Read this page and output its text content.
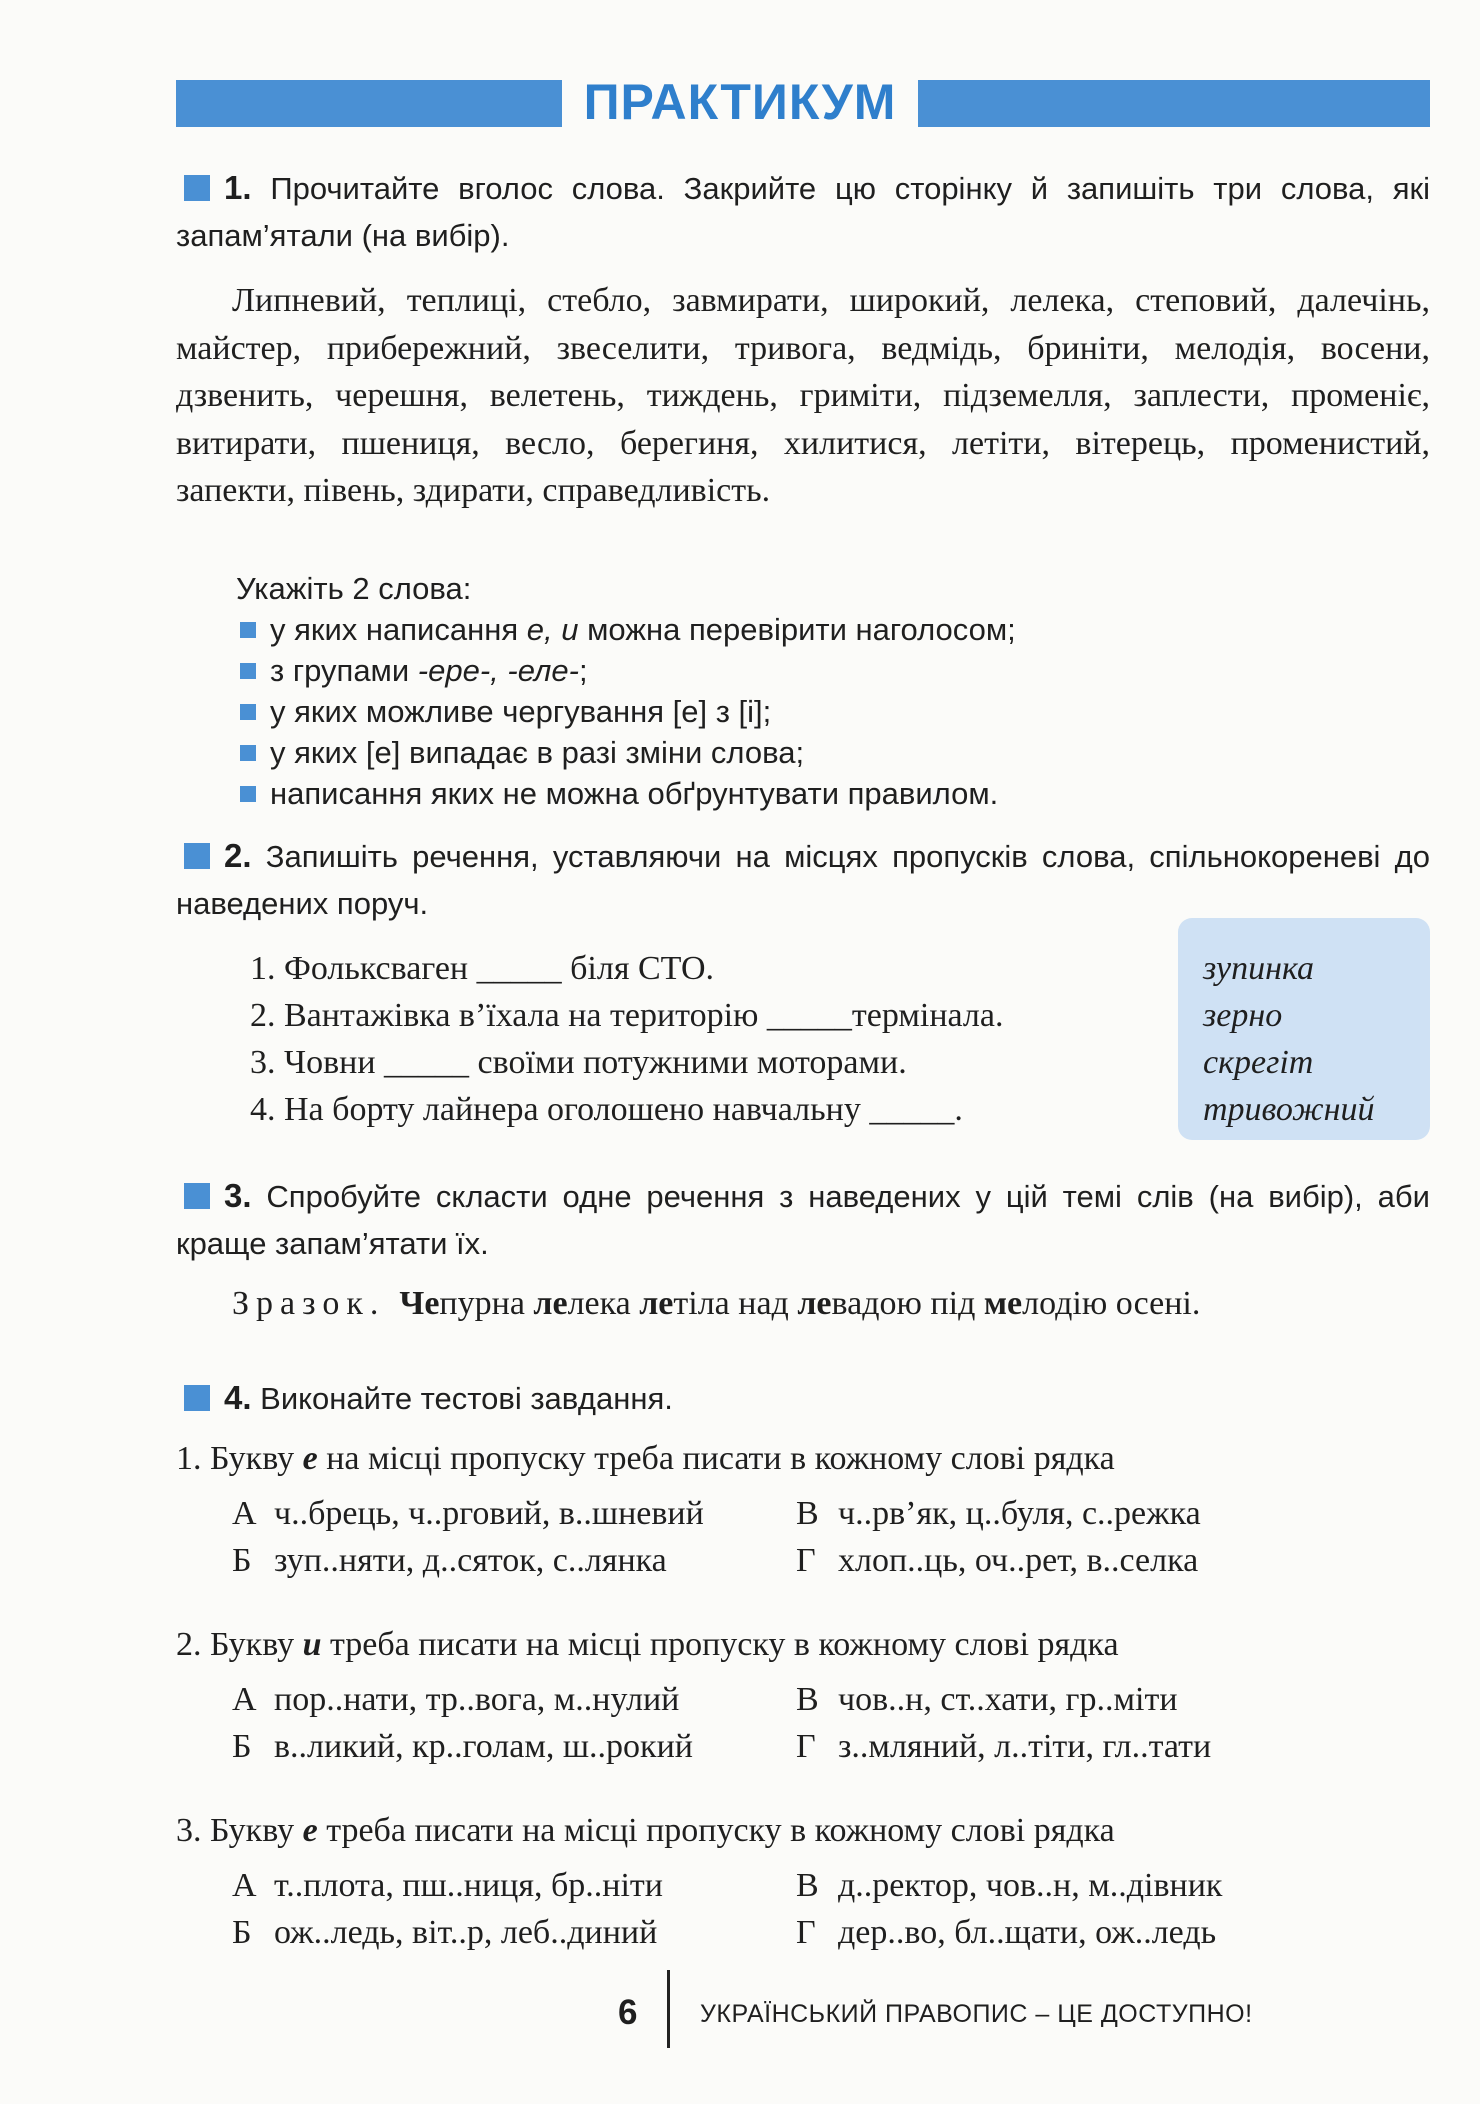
ПРАКТИКУМ
1. Прочитайте вголос слова. Закрийте цю сторінку й запишіть три слова, які запам’ятали (на вибір).
Липневий, теплиці, стебло, завмирати, широкий, лелека, степовий, далечінь, майстер, прибережний, звеселити, тривога, ведмідь, бриніти, мелодія, восени, дзвенить, черешня, велетень, тиждень, гриміти, підземелля, заплести, променіє, витирати, пшениця, весло, берегиня, хилитися, летіти, вітерець, променистий, запекти, півень, здирати, справедливість.
Укажіть 2 слова:
у яких написання е, и можна перевірити наголосом;
з групами -ере-, -еле-;
у яких можливе чергування [е] з [і];
у яких [е] випадає в разі зміни слова;
написання яких не можна обґрунтувати правилом.
2. Запишіть речення, уставляючи на місцях пропусків слова, спільнокореневі до наведених поруч.
1. Фольксваген _____ біля СТО.
2. Вантажівка в’їхала на територію _____термінала.
3. Човни _____ своїми потужними моторами.
4. На борту лайнера оголошено навчальну _____.
зупинка
зерно
скрегіт
тривожний
3. Спробуйте скласти одне речення з наведених у цій темі слів (на вибір), аби краще запам’ятати їх.
Зразок. Чепурна лелека летіла над левадою під мелодію осені.
4. Виконайте тестові завдання.
1. Букву е на місці пропуску треба писати в кожному слові рядка
А ч..брець, ч..рговий, в..шневий	В ч..рв’як, ц..буля, с..режка
Б зуп..няти, д..сяток, с..лянка	Г хлоп..ць, оч..рет, в..селка
2. Букву и треба писати на місці пропуску в кожному слові рядка
А пор..нати, тр..вога, м..нулий	В чов..н, ст..хати, гр..міти
Б в..ликий, кр..голам, ш..рокий	Г з..мляний, л..тіти, гл..тати
3. Букву е треба писати на місці пропуску в кожному слові рядка
А т..плота, пш..ниця, бр..ніти	В д..ректор, чов..н, м..дівник
Б ож..ледь, віт..р, леб..диний	Г дер..во, бл..щати, ож..ледь
6	УКРАЇНСЬКИЙ ПРАВОПИС – ЦЕ ДОСТУПНО!
